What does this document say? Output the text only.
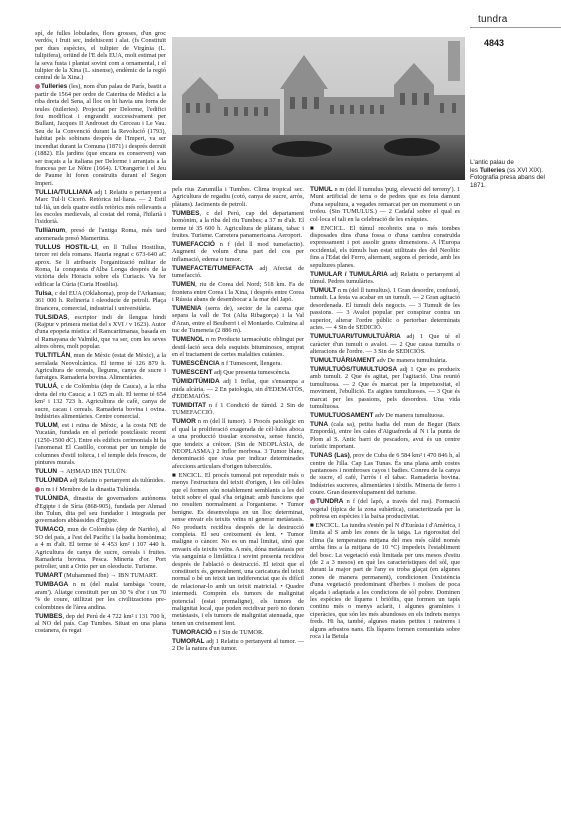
tundra
4843
L'antic palau de
les Tulleries (ss XVI XIX).
Fotografia presa abans del 1871.

spí, de fulles lobulades, flors grosses, d'un groc verdós, i fruit sec, indehiscent i alat. (fs Constituït per dues espècies, el tulipier de Virgínia (L. tulipifera), oriünd de l'E dels EUA, molt estimat per la seva fusta i plantat sovint com a ornamental, i el tulipier de la Xina (L. sinense), endèmic de la regió central de la Xina.)

Tulleries (les), nom d'un palau de París, bastit a partir de 1564 per ordre de Caterina de Mèdici a la riba dreta del Sena, al lloc on hi havia uns forns de teules (tuileries). Projectat per Delorme, l'edifici fou modificat i engrandit successivament per Bullant, Jacques II Androuet du Cerceau i Le Vau. Seu de la Convenció durant la Revolució (1793), habitat pels sobirans després de l'Imperi, va ser incendiat durant la Comuna (1871) i després derruït (1882). Els jardins (que encara es conserven) van ser traçats a la italiana per Delorme i arranjats a la francesa per Le Nôtre (1664). L'Orangerie i el Jeu de Paume hi foren construïts durant el Segon Imperi.

TULLIA/TULLIANA adj 1 Relatiu o pertanyent a Marc Tul·li Ciceró. Retòrica tul·liana. — 2 Estil tul·lià, un dels quatre estils retòrics més rellevants a les escoles medievals, al costat del romà, l'hilarià i l'isidorià.

Tulliànum, presó de l'antiga Roma, més tard anomenada presó Mamertina.

TULLUS HOSTIL·LI, en ll Tullus Hostilius, tercer rei dels romans. Hauria regnat c 673-640 aC aprox. Se li atribueix l'organització militar de Roma, la conquesta d'Alba Longa després de la victòria dels Horacis sobre els Curiacis. Va fer edificar la Cúria (Curia Hostilia).

Tulsa, c del EUA (Oklahoma), prop de l'Arkansas; 361 000 h. Refineria i oleoducte de petroli. Plaça financera, comercial, industrial i universitària.

TULSIDAS, escriptor indi de llengua hindi (Rajpur v primera meitat del s XVI / v 1623). Autor d'una epopeia mística: el Ramcaritmanas, basada en el Ramayana de Valmiki, que va ser, com les seves altres obres, molt popular.

TULTITLÁN, mun de Mèxic (estat de Mèxic), a la serralada Neovolcànica. El terme té 126 879 h. Agricultura de cereals, llegums, canya de sucre i farratges. Ramaderia bovina. Alimentàries.

TULUÁ, c de Colòmbia (dep de Cauca), a la riba dreta del riu Cauca; a 1 025 m alt. El terme té 654 km² i 132 723 h. Agricultura de cafè, canya de sucre, cacau i cereals. Ramaderia bovina i ovina. Indústries alimentàries. Centre comercial.

TULUM, est i ruïna de Mèxic, a la costa NE de Yucatán, fundada en el període postclàssic recent (1250-1500 dC). Entre els edificis cerimonials hi ha l'anomenat El Castillo, coronat per un temple de columnes d'estil tolteca, i el temple dels frescos, de pintures murals.

TULUN → AḤMAD IBN ṬULŪN.

TULÚNIDA adj Relatiu o pertanyent als tulúnides.

n m i f Membre de la dinastia Tulúnida.

TULÚNIDA, dinastia de governadors autònoms d'Egipte i de Síria (868-905), fundada per Ahmad ibn Tulun, dita pel seu fundador i integrada per governadors abbàssides d'Egipte.

TUMACO, mun de Colòmbia (dep de Nariño), al SO del país, a l'est del Pacífic i la badia homònima; a 4 m d'alt. El terme té 4 453 km² i 107 440 h. Agricultura de canya de sucre, cereals i fruites. Ramaderia bovina. Pesca. Mineria d'or. Port petrolier, unit a Orito per un oleoducte. Turisme.

TUMART (Muhammed Ibn) → IBN TUMART.

TUMBAGA n m (del malai tambàga 'coure, aram'). Aliatge constituït per un 30 % d'or i un 70 % de coure, utilitzat per les civilitzacions pre-colombines de l'àrea andina.

TUMBES, dep del Perú de 4 722 km² i 131 700 h, al NO del país. Cap Tumbes. Situat en una plana costanera, és regat

pels rius Zarumilla i Tumbes. Clima tropical sec. Agricultura de regadiu (cotó, canya de sucre, arròs, plàtans). Jaciments de petroli.

TUMBES, c del Perú, cap del departament homònim, a la riba del riu Tumbes; a 37 m d'alt. El terme té 35 600 h. Agricultura de plàtans, tabac i fruites. Turisme. Carretera panamericana. Aeroport.

TUMEFACCIÓ n f (del ll mod tumefactio). Augment de volum d'una part del cos per inflamació, edema o tumor.

TUMEFACTE/TUMEFACTA adj Afectat de tumefacció.

TUMEN, riu de Corea del Nord; 518 km. Fa de frontera entre Corea i la Xina, i després entre Corea i Rússia abans de desembocar a la mar del Japó.

TUMENIA (serra de), sector de la carena que separa la vall de Toi (Alta Ribagorça) i la Val d'Aran, entre el Besiberri i el Montardo. Culmina al tuc de Tumeneia (2 886 m).

TUMENOL n m Producte tarmacèutic oblingut per destil·lació seca dels esquists bituminosos, emprat en el tractament de certes malalties cutànies.

TUMESCÈNCIA n f Tumescent, llengera.

TUMESCENT adj Que presenta tumescència.

TÚMID/TÚMIDA adj 1 Inflat, que s'ensampa a mida alcària. — 2 En patologia, sin d'EDEMATÓS, d'EDEMAIÓS.

TUMIDITAT n f 1 Condició de túmid. 2 Sin de TUMEFACCIÓ.

TUMOR n m (del ll tumor). 1 Procés patològic en el qual la proliferació exagerada de cèl·lules aboca a una producció tissular excessiva, sense funció, que tendeix a créixer. (Sin de NEOPLÀSIA, de NEOPLASMA.) 2 Inflor morbosa. 3 Tumor blanc, denominació que s'usa per indicar determinades afeccions articulars d'origen tuberculós.

■ ENCICL. El procés tumoral pot reproduir més o menys l'estructura del teixit d'origen, i les cèl·lules que el formen són notablement semblants a les del teixit sobre el qual s'ha originat: amb funcions que no resulten normalment a l'organisme. • Tumor benigne. Es desenvolupa en un lloc determinat, sense envair els teixits veïns ni generar metàstasis. No produeix recidiva després de la destrucció completa. El seu creixement és lent. • Tumor maligne o càncer. No es un mal limitat, sinó que envaeix els teixits veïns. A més, dóna metàstasis per via sanguínia o limfàtica i sovint presenta recidiva després de l'ablació o destrucció. El teixit que el constitueix és, generalment, una caricatura del teixit normal o bé un teixit tan indiferenciat que és difícil de relacionar-lo amb un teixit matricial. • Quadre intermedi. Comprèn els tumors de malignitat potencial (estat premaligne), els tumors de malignitat local, que poden recidivar però no donen metàstasis, i els tumors de malignitat atenuada, que tenen un creixement lent.

TUMORACIÓ n f Sin de TUMOR.

TUMORAL adj 1 Relatiu o pertanyent al tumor. — 2 De la natura d'un tumor.

TÚMUL n m (del ll tumulus 'puig, elevació del terreny'). 1 Munt artificial de terra o de pedres que es feia damunt d'una sepultura, a vegades remarcat per un monument o un trofeu. (Sin TUMULUS.) — 2 Cadafal sobre el qual es col·loca el tali en la celebració de les exèquies.

■ ENCICL. El túmul recobreix una o més tombes disposades dins d'una fossa o d'una cambra construïda expressament i pot assolir grans dimensions. A l'Europa occidental, els túmuls han estat utilitzats des del Neolític fins a l'Edat del Ferro, alternant, segons el període, amb les sepultures planes.

TUMULAR / TUMULÀRIA adj Relatiu o pertanyent al túmul. Pedres tumulàries.

TUMULT n m (del ll tumultus). 1 Gran desordre, confusió, tumult. La festa va acabar en un tumult. — 2 Gran agitació desordenada. El tumult dels negocis. — 3 Tumult de les passions. — 3 Avalot popular per conspirar contra un superior, alterar l'ordre públic o pertorbar determinats actes. — 4 Sin de SEDICIÓ.

TUMULTUARI/TUMULTUÀRIA adj 1 Que té el caràcter d'un tumult o avalot. — 2 Que causa tumults o alteracions de l'ordre. — 3 Sin de SEDICIÓS.

TUMULTUÀRIAMENT adv De manera tumultuària.

TUMULTUÓS/TUMULTUOSA adj 1 Que es produeix amb tumult. 2 Que és agitat, per l'agitació. Una reunió tumultuosa. — 2 Que és marcat per la impetuositat, el moviment, l'ebullició. Es aigües tumultuoses. — 3 Que és marcat per les passions, pels desordres. Una vida tumultuosa.

TUMULTUOSAMENT adv De manera tumultuosa.

TUNA (cala sa), petita badia del mun de Begur (Baix Empordà), entre les cales d'Aiguafreda al N i la punta de Plom al S. Antic barri de pescadors, avui és un centre turístic important.

TUNAS (Las), prov de Cuba de 6 584 km² i 470 846 h, al centre de l'illa. Cap Las Tunas. És una plana amb costes pantanoses i nombroses cayos i badies. Conreu de la canya de sucre, el cafè, l'arròs i el tabac. Ramaderia bovina. Indústries sucreres, alimentàries i tèxtils. Mineria de ferro i coure. Gran desenvolupament del turisme.

TUNDRA n f (del lapó, a través del rus). Formació vegetal (típica de la zona subàrtica), caracteritzada per la pobresa en espècies i la baixa productivitat.

■ ENCICL. La tundra s'estén pel N d'Euràsia i d'Amèrica, i limita al S amb les zones de la taiga. La rigorositat del clima (la temperatura mitjana del mes més càlid només arriba fins a la mitjana de 10 °C) impedeix l'establiment del bosc. La vegetació està limitada per uns mesos d'estiu (de 2 a 3 mesos) en què les característiques del sòl, que durant la major part de l'any es troba glaçat (en algunes zones de manera permanent), condicionen l'existència d'una vegetació predominant d'herbes i molses de poca alçada i adaptada a les condicions de sòl pobre. Dominen les espècies de líquens i briòfits, que formen un tapís continu més o menys aclarit, i algunes gramínies i ciperàcies, que són les més abundoses en els indrets menys freds. Hi ha, també, algunes mates petites i rastreres i alguns arbustos nans. Els líquens formen comunitats sobre roca i la Betula
